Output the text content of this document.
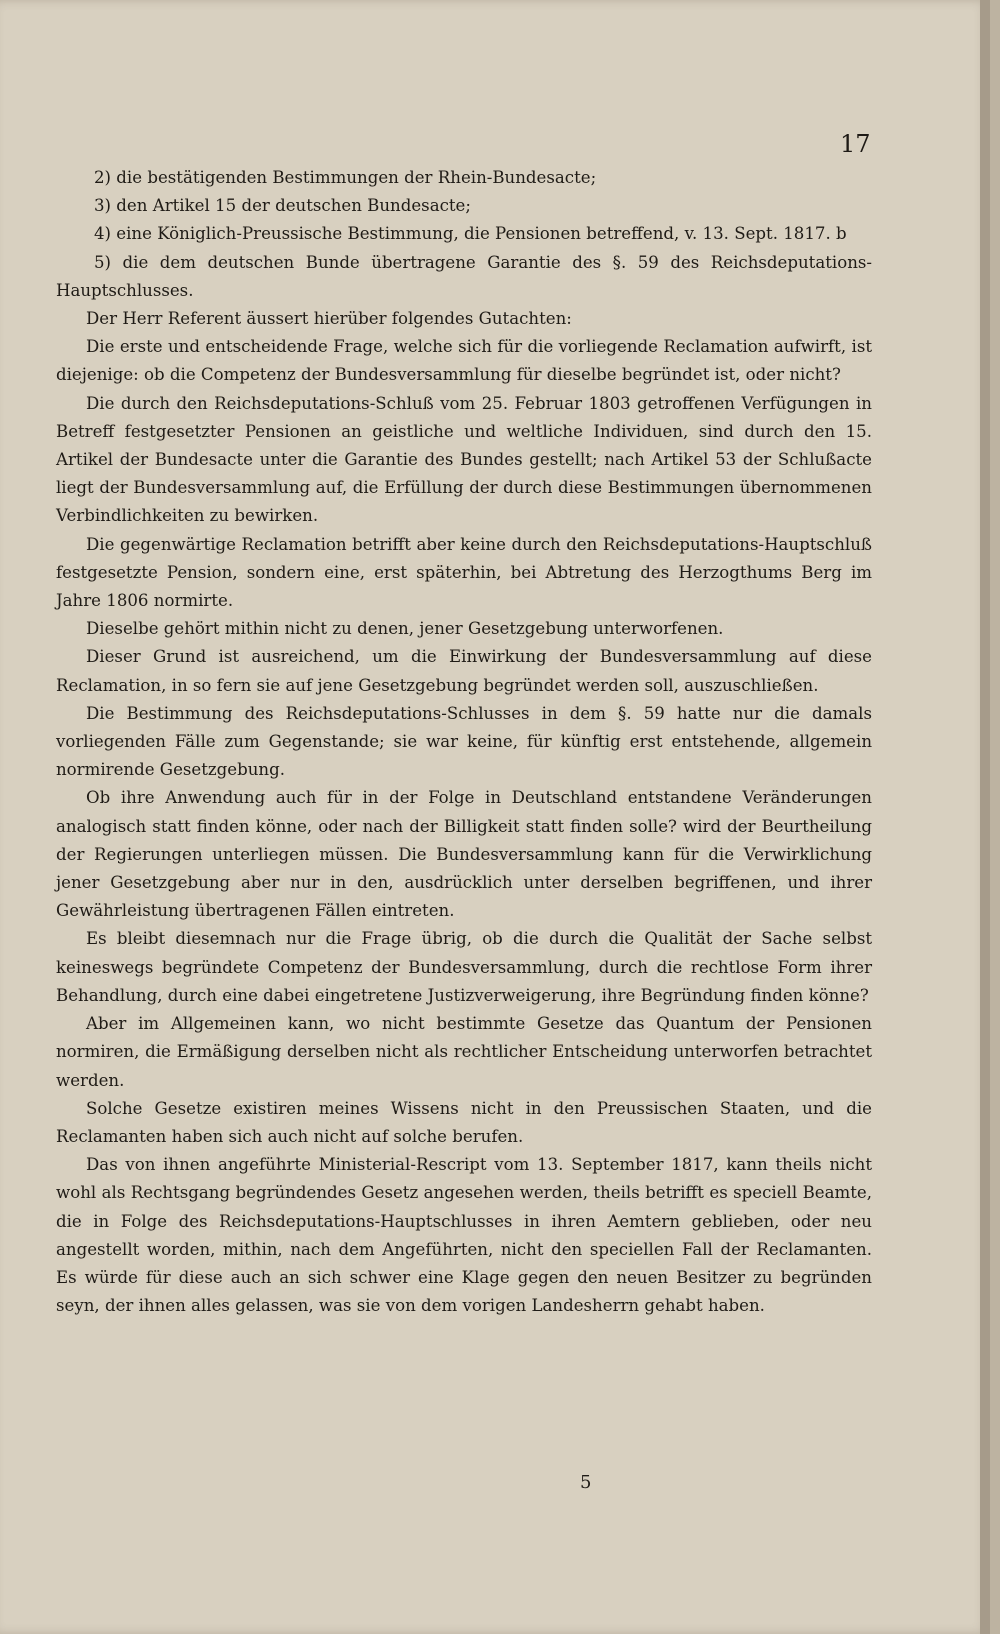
17

2) die bestätigenden Bestimmungen der Rhein-Bundesacte;

3) den Artikel 15 der deutschen Bundesacte;

4) eine Königlich-Preussische Bestimmung, die Pensionen betreffend, v. 13. Sept. 1817. b

5) die dem deutschen Bunde übertragene Garantie des §. 59 des Reichsdeputations-Hauptschlusses.

Der Herr Referent äussert hierüber folgendes Gutachten:

Die erste und entscheidende Frage, welche sich für die vorliegende Reclamation aufwirft, ist diejenige: ob die Competenz der Bundesversammlung für dieselbe begründet ist, oder nicht?

Die durch den Reichsdeputations-Schluß vom 25. Februar 1803 getroffenen Verfügungen in Betreff festgesetzter Pensionen an geistliche und weltliche Individuen, sind durch den 15. Artikel der Bundesacte unter die Garantie des Bundes gestellt; nach Artikel 53 der Schlußacte liegt der Bundesversammlung auf, die Erfüllung der durch diese Bestimmungen übernommenen Verbindlichkeiten zu bewirken.

Die gegenwärtige Reclamation betrifft aber keine durch den Reichsdeputations-Hauptschluß festgesetzte Pension, sondern eine, erst späterhin, bei Abtretung des Herzogthums Berg im Jahre 1806 normirte.

Dieselbe gehört mithin nicht zu denen, jener Gesetzgebung unterworfenen.

Dieser Grund ist ausreichend, um die Einwirkung der Bundesversammlung auf diese Reclamation, in so fern sie auf jene Gesetzgebung begründet werden soll, auszuschließen.

Die Bestimmung des Reichsdeputations-Schlusses in dem §. 59 hatte nur die damals vorliegenden Fälle zum Gegenstande; sie war keine, für künftig erst entstehende, allgemein normirende Gesetzgebung.

Ob ihre Anwendung auch für in der Folge in Deutschland entstandene Veränderungen analogisch statt finden könne, oder nach der Billigkeit statt finden solle? wird der Beurtheilung der Regierungen unterliegen müssen. Die Bundesversammlung kann für die Verwirklichung jener Gesetzgebung aber nur in den, ausdrücklich unter derselben begriffenen, und ihrer Gewährleistung übertragenen Fällen eintreten.

Es bleibt diesemnach nur die Frage übrig, ob die durch die Qualität der Sache selbst keineswegs begründete Competenz der Bundesversammlung, durch die rechtlose Form ihrer Behandlung, durch eine dabei eingetretene Justizverweigerung, ihre Begründung finden könne?

Aber im Allgemeinen kann, wo nicht bestimmte Gesetze das Quantum der Pensionen normiren, die Ermäßigung derselben nicht als rechtlicher Entscheidung unterworfen betrachtet werden.

Solche Gesetze existiren meines Wissens nicht in den Preussischen Staaten, und die Reclamanten haben sich auch nicht auf solche berufen.

Das von ihnen angeführte Ministerial-Rescript vom 13. September 1817, kann theils nicht wohl als Rechtsgang begründendes Gesetz angesehen werden, theils betrifft es speciell Beamte, die in Folge des Reichsdeputations-Hauptschlusses in ihren Aemtern geblieben, oder neu angestellt worden, mithin, nach dem Angeführten, nicht den speciellen Fall der Reclamanten. Es würde für diese auch an sich schwer eine Klage gegen den neuen Besitzer zu begründen seyn, der ihnen alles gelassen, was sie von dem vorigen Landesherrn gehabt haben.

5
